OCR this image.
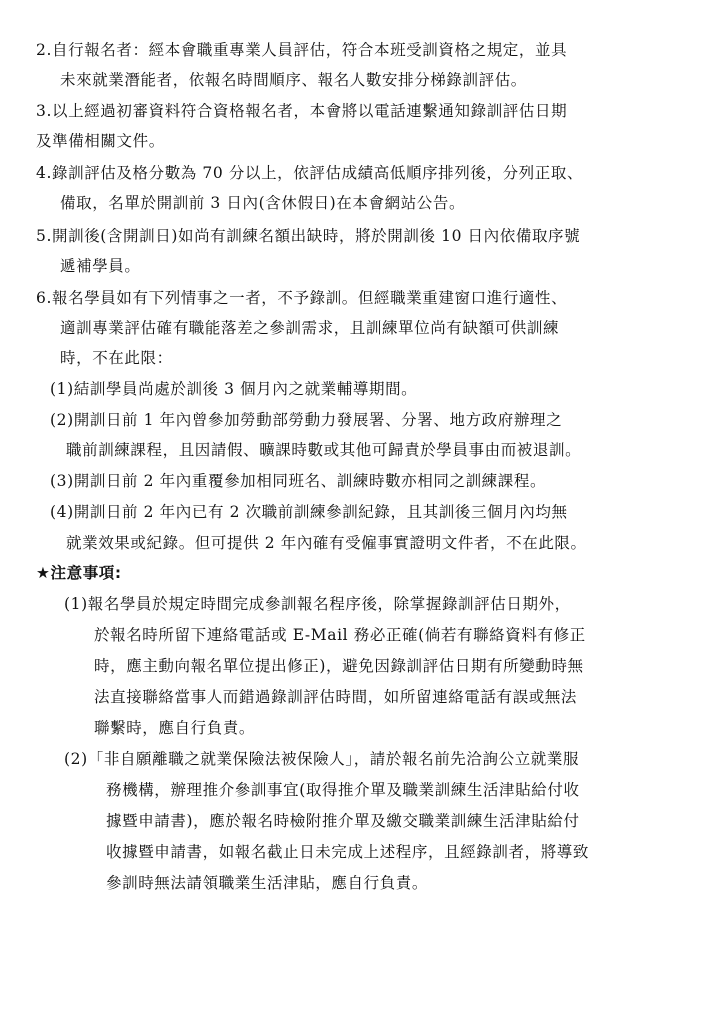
2.自行報名者：經本會職重專業人員評估，符合本班受訓資格之規定，並具
未來就業潛能者，依報名時間順序、報名人數安排分梯錄訓評估。
3.以上經過初審資料符合資格報名者，本會將以電話連繫通知錄訓評估日期
及準備相關文件。
4.錄訓評估及格分數為 70 分以上，依評估成績高低順序排列後，分列正取、
備取，名單於開訓前 3 日內(含休假日)在本會網站公告。
5.開訓後(含開訓日)如尚有訓練名額出缺時，將於開訓後 10 日內依備取序號
遞補學員。
6.報名學員如有下列情事之一者，不予錄訓。但經職業重建窗口進行適性、
適訓專業評估確有職能落差之參訓需求，且訓練單位尚有缺額可供訓練
時，不在此限：
(1)結訓學員尚處於訓後 3 個月內之就業輔導期間。
(2)開訓日前 1 年內曾參加勞動部勞動力發展署、分署、地方政府辦理之
職前訓練課程，且因請假、曠課時數或其他可歸責於學員事由而被退訓。
(3)開訓日前 2 年內重覆參加相同班名、訓練時數亦相同之訓練課程。
(4)開訓日前 2 年內已有 2 次職前訓練參訓紀錄，且其訓後三個月內均無
就業效果或紀錄。但可提供 2 年內確有受僱事實證明文件者，不在此限。
★注意事項:
(1)報名學員於規定時間完成參訓報名程序後，除掌握錄訓評估日期外，
於報名時所留下連絡電話或 E-Mail 務必正確(倘若有聯絡資料有修正
時，應主動向報名單位提出修正)，避免因錄訓評估日期有所變動時無
法直接聯絡當事人而錯過錄訓評估時間，如所留連絡電話有誤或無法
聯繫時，應自行負責。
(2)「非自願離職之就業保險法被保險人」，請於報名前先洽詢公立就業服
務機構，辦理推介參訓事宜(取得推介單及職業訓練生活津貼給付收
據暨申請書)，應於報名時檢附推介單及繳交職業訓練生活津貼給付
收據暨申請書，如報名截止日未完成上述程序，且經錄訓者，將導致
參訓時無法請領職業生活津貼，應自行負責。
